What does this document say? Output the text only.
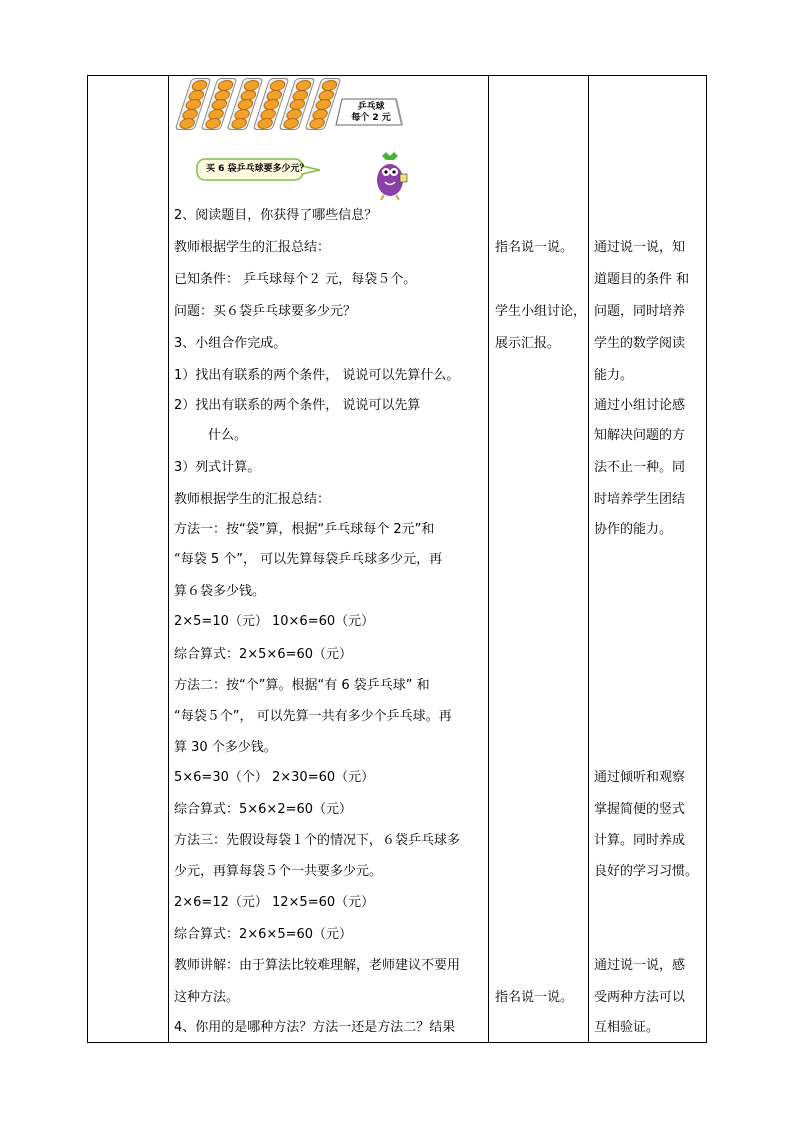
乒乓球
每个 2 元
买 6 袋乒乓球要多少元？
2、阅读题目，你获得了哪些信息？
教师根据学生的汇报总结：
已知条件： 乒乓球每个２ 元，每袋５个。
问题：买６袋乒乓球要多少元？
3、小组合作完成。
1）找出有联系的两个条件， 说说可以先算什么。
2）找出有联系的两个条件， 说说可以先算
什么。
3）列式计算。
教师根据学生的汇报总结：
方法一：按“袋”算，根据“乒乓球每个 2元”和
“每袋 5 个”， 可以先算每袋乒乓球多少元，再
算６袋多少钱。
2×5=10（元） 10×6=60（元）
综合算式：2×5×6=60（元）
方法二：按“个”算。根据“有 6 袋乒乓球” 和
“每袋５个”， 可以先算一共有多少个乒乓球。再
算 30 个多少钱。
5×6=30（个） 2×30=60（元）
综合算式：5×6×2=60（元）
方法三：先假设每袋１个的情况下，６袋乒乓球多
少元，再算每袋５个一共要多少元。
2×6=12（元） 12×5=60（元）
综合算式：2×6×5=60（元）
教师讲解：由于算法比较难理解，老师建议不要用
这种方法。
4、你用的是哪种方法？方法一还是方法二？结果
指名说一说。
学生小组讨论，
展示汇报。
指名说一说。
通过说一说，知
道题目的条件 和
问题，同时培养
学生的数学阅读
能力。
通过小组讨论感
知解决问题的方
法不止一种。同
时培养学生团结
协作的能力。
通过倾听和观察
掌握简便的竖式
计算。同时养成
良好的学习习惯。
通过说一说，感
受两种方法可以
互相验证。
